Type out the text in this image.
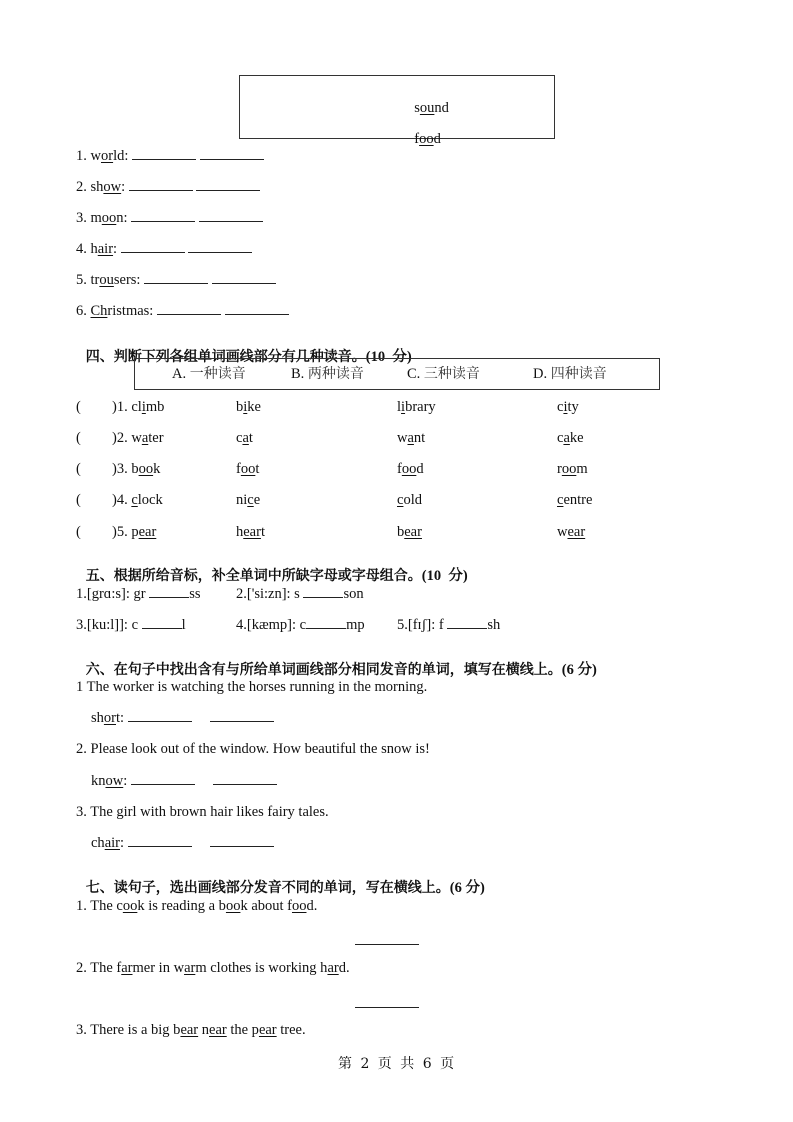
sound

food

1. world:
2. show:
3. moon:
4. hair:
5. trousers:
6. Christmas:

四、判断下列各组单词画线部分有几种读音。(10  分)

A. 一种读音	B. 两种读音	C. 三种读音	D. 四种读音
( )1. climb	bike	library	city
( )2. water	cat	want	cake
( )3. book	foot	food	room
( )4. clock	nice	cold	centre
( )5. pear	heart	bear	wear

五、根据所给音标，补全单词中所缺字母或字母组合。(10  分)

1.[grɑ:s]: gr	ss 2.['si:zn]: s	son
3.[ku:l]]: c	l	4.[kæmp]: c	mp 5.[fɪʃ]: f	sh

六、在句子中找出含有与所给单词画线部分相同发音的单词，填写在横线上。(6 分)

1 The worker is watching the horses running in the morning.
short:
2. Please look out of the window. How beautiful the snow is!
know:
3. The girl with brown hair likes fairy tales.
chair:

七、读句子，选出画线部分发音不同的单词，写在横线上。(6 分)

1. The cook is reading a book about food.
2. The farmer in warm clothes is working hard.
3. There is a big bear near the pear tree.
第 2 页 共 6 页
